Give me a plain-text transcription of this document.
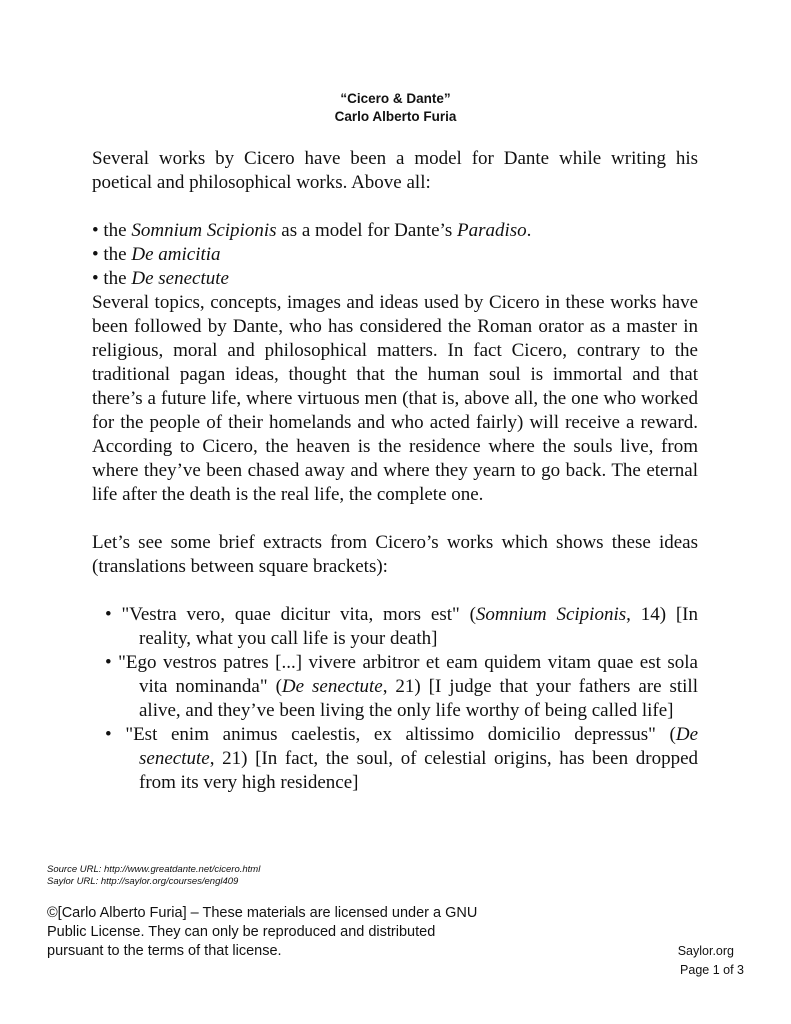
“Cicero & Dante”
Carlo Alberto Furia

Several works by Cicero have been a model for Dante while writing his poetical and philosophical works. Above all:

• the Somnium Scipionis as a model for Dante’s Paradiso.
• the De amicitia
• the De senectute

Several topics, concepts, images and ideas used by Cicero in these works have been followed by Dante, who has considered the Roman orator as a master in religious, moral and philosophical matters. In fact Cicero, contrary to the traditional pagan ideas, thought that the human soul is immortal and that there’s a future life, where virtuous men (that is, above all, the one who worked for the people of their homelands and who acted fairly) will receive a reward. According to Cicero, the heaven is the residence where the souls live, from where they’ve been chased away and where they yearn to go back. The eternal life after the death is the real life, the complete one.

Let’s see some brief extracts from Cicero’s works which shows these ideas (translations between square brackets):

• "Vestra vero, quae dicitur vita, mors est" (Somnium Scipionis, 14) [In reality, what you call life is your death]
• "Ego vestros patres [...] vivere arbitror et eam quidem vitam quae est sola vita nominanda" (De senectute, 21) [I judge that your fathers are still alive, and they’ve been living the only life worthy of being called life]
• "Est enim animus caelestis, ex altissimo domicilio depressus" (De senectute, 21) [In fact, the soul, of celestial origins, has been dropped from its very high residence]
Source URL: http://www.greatdante.net/cicero.html
Saylor URL: http://saylor.org/courses/engl409
©[Carlo Alberto Furia] – These materials are licensed under a GNU Public License. They can only be reproduced and distributed pursuant to the terms of that license.	Saylor.org
Page 1 of 3
